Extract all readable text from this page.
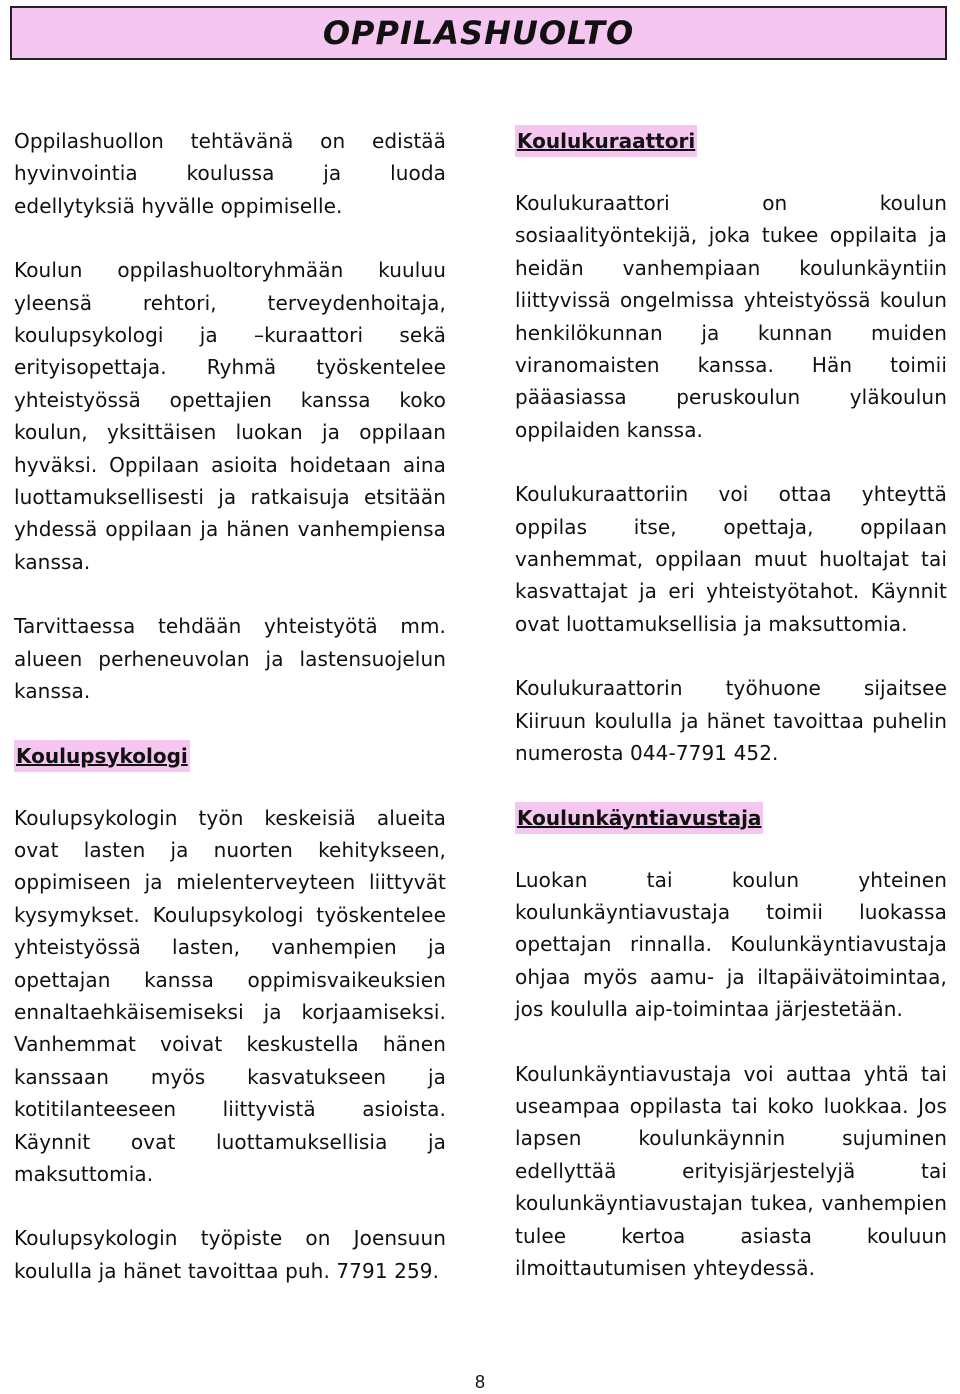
OPPILASHUOLTO

Oppilashuollon tehtävänä on edistää hyvinvointia koulussa ja luoda edellytyksiä hyvälle oppimiselle.

Koulun oppilashuoltoryhmään kuuluu yleensä rehtori, terveydenhoitaja, koulupsykologi ja –kuraattori sekä erityisopettaja. Ryhmä työskentelee yhteistyössä opettajien kanssa koko koulun, yksittäisen luokan ja oppilaan hyväksi. Oppilaan asioita hoidetaan aina luottamuksellisesti ja ratkaisuja etsitään yhdessä oppilaan ja hänen vanhempiensa kanssa.

Tarvittaessa tehdään yhteistyötä mm. alueen perheneuvolan ja lastensuojelun kanssa.

Koulupsykologi

Koulupsykologin työn keskeisiä alueita ovat lasten ja nuorten kehitykseen, oppimiseen ja mielenterveyteen liittyvät kysymykset. Koulupsykologi työskentelee yhteistyössä lasten, vanhempien ja opettajan kanssa oppimisvaikeuksien ennaltaehkäisemiseksi ja korjaamiseksi. Vanhemmat voivat keskustella hänen kanssaan myös kasvatukseen ja kotitilanteeseen liittyvistä asioista. Käynnit ovat luottamuksellisia ja maksuttomia.

Koulupsykologin työpiste on Joensuun koululla ja hänet tavoittaa puh. 7791 259.

Koulukuraattori

Koulukuraattori on koulun sosiaalityöntekijä, joka tukee oppilaita ja heidän vanhempiaan koulunkäyntiin liittyvissä ongelmissa yhteistyössä koulun henkilökunnan ja kunnan muiden viranomaisten kanssa. Hän toimii pääasiassa peruskoulun yläkoulun oppilaiden kanssa.

Koulukuraattoriin voi ottaa yhteyttä oppilas itse, opettaja, oppilaan vanhemmat, oppilaan muut huoltajat tai kasvattajat ja eri yhteistyötahot. Käynnit ovat luottamuksellisia ja maksuttomia.

Koulukuraattorin työhuone sijaitsee Kiiruun koululla ja hänet tavoittaa puhelin numerosta 044-7791 452.

Koulunkäyntiavustaja

Luokan tai koulun yhteinen koulunkäyntiavustaja toimii luokassa opettajan rinnalla. Koulunkäyntiavustaja ohjaa myös aamu- ja iltapäivätoimintaa, jos koululla aip-toimintaa järjestetään.

Koulunkäyntiavustaja voi auttaa yhtä tai useampaa oppilasta tai koko luokkaa. Jos lapsen koulunkäynnin sujuminen edellyttää erityisjärjestelyjä tai koulunkäyntiavustajan tukea, vanhempien tulee kertoa asiasta kouluun ilmoittautumisen yhteydessä.

8
